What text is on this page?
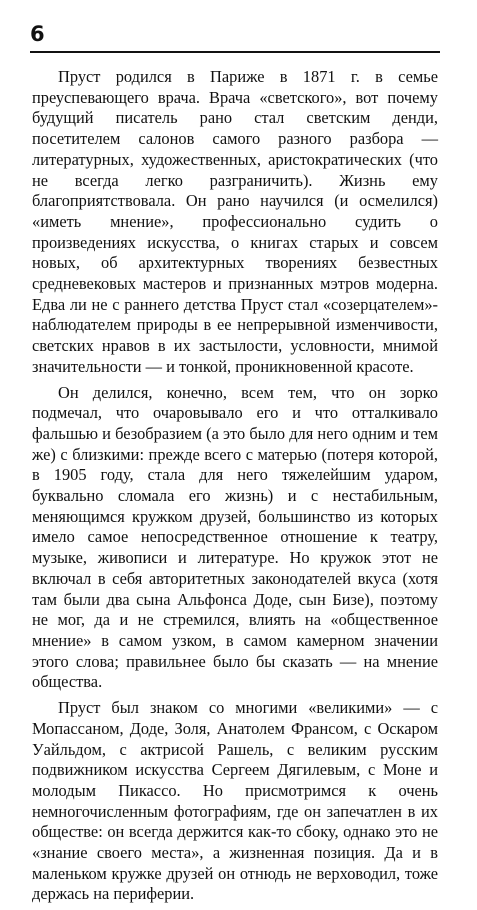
6

Пруст родился в Париже в 1871 г. в семье преуспевающего врача. Врача «светского», вот почему будущий писатель рано стал светским денди, посетителем салонов самого разного разбора — литературных, художественных, аристократических (что не всегда легко разграничить). Жизнь ему благоприятствовала. Он рано научился (и осмелился) «иметь мнение», профессионально судить о произведениях искусства, о книгах старых и совсем новых, об архитектурных творениях безвестных средневековых мастеров и признанных мэтров модерна. Едва ли не с раннего детства Пруст стал «созерцателем»-наблюдателем природы в ее непрерывной изменчивости, светских нравов в их застылости, условности, мнимой значительности — и тонкой, проникновенной красоте.

Он делился, конечно, всем тем, что он зорко подмечал, что очаровывало его и что отталкивало фальшью и безобразием (а это было для него одним и тем же) с близкими: прежде всего с матерью (потеря которой, в 1905 году, стала для него тяжелейшим ударом, буквально сломала его жизнь) и с нестабильным, меняющимся кружком друзей, большинство из которых имело самое непосредственное отношение к театру, музыке, живописи и литературе. Но кружок этот не включал в себя авторитетных законодателей вкуса (хотя там были два сына Альфонса Доде, сын Бизе), поэтому не мог, да и не стремился, влиять на «общественное мнение» в самом узком, в самом камерном значении этого слова; правильнее было бы сказать — на мнение общества.

Пруст был знаком со многими «великими» — с Мопассаном, Доде, Золя, Анатолем Франсом, с Оскаром Уайльдом, с актрисой Рашель, с великим русским подвижником искусства Сергеем Дягилевым, с Моне и молодым Пикассо. Но присмотримся к очень немногочисленным фотографиям, где он запечатлен в их обществе: он всегда держится как-то сбоку, однако это не «знание своего места», а жизненная позиция. Да и в маленьком кружке друзей он отнюдь не верховодил, тоже держась на периферии.
